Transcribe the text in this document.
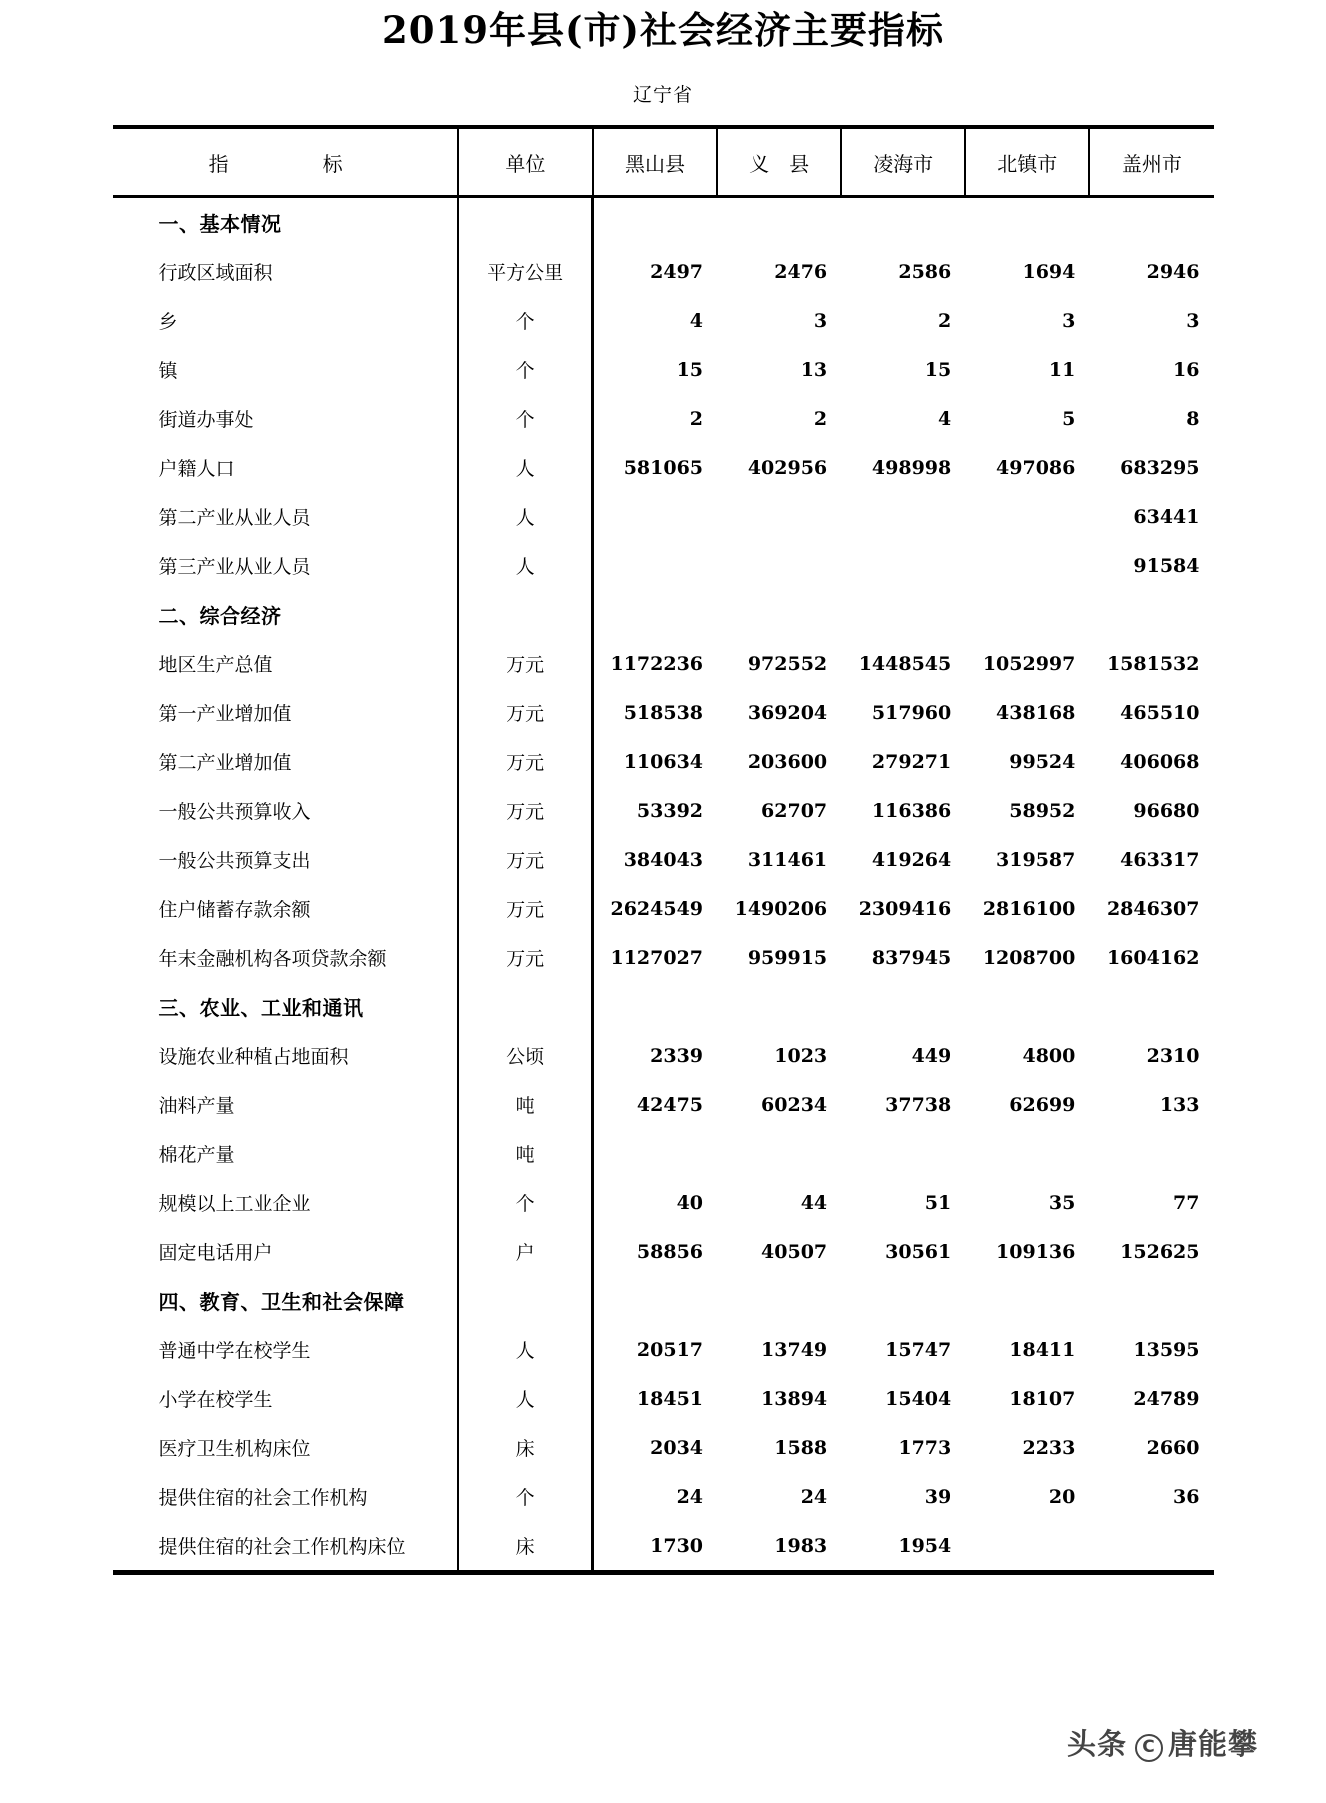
2019年县(市)社会经济主要指标
辽宁省
指　　标	单位	黑山县	义　县	凌海市	北镇市	盖州市
一、基本情况						
行政区域面积	平方公里	2497	2476	2586	1694	2946
乡	个	4	3	2	3	3
镇	个	15	13	15	11	16
街道办事处	个	2	2	4	5	8
户籍人口	人	581065	402956	498998	497086	683295
第二产业从业人员	人					63441
第三产业从业人员	人					91584
二、综合经济						
地区生产总值	万元	1172236	972552	1448545	1052997	1581532
第一产业增加值	万元	518538	369204	517960	438168	465510
第二产业增加值	万元	110634	203600	279271	99524	406068
一般公共预算收入	万元	53392	62707	116386	58952	96680
一般公共预算支出	万元	384043	311461	419264	319587	463317
住户储蓄存款余额	万元	2624549	1490206	2309416	2816100	2846307
年末金融机构各项贷款余额	万元	1127027	959915	837945	1208700	1604162
三、农业、工业和通讯						
设施农业种植占地面积	公顷	2339	1023	449	4800	2310
油料产量	吨	42475	60234	37738	62699	133
棉花产量	吨					
规模以上工业企业	个	40	44	51	35	77
固定电话用户	户	58856	40507	30561	109136	152625
四、教育、卫生和社会保障						
普通中学在校学生	人	20517	13749	15747	18411	13595
小学在校学生	人	18451	13894	15404	18107	24789
医疗卫生机构床位	床	2034	1588	1773	2233	2660
提供住宿的社会工作机构	个	24	24	39	20	36
提供住宿的社会工作机构床位	床	1730	1983	1954		
头条 C 唐能攀
